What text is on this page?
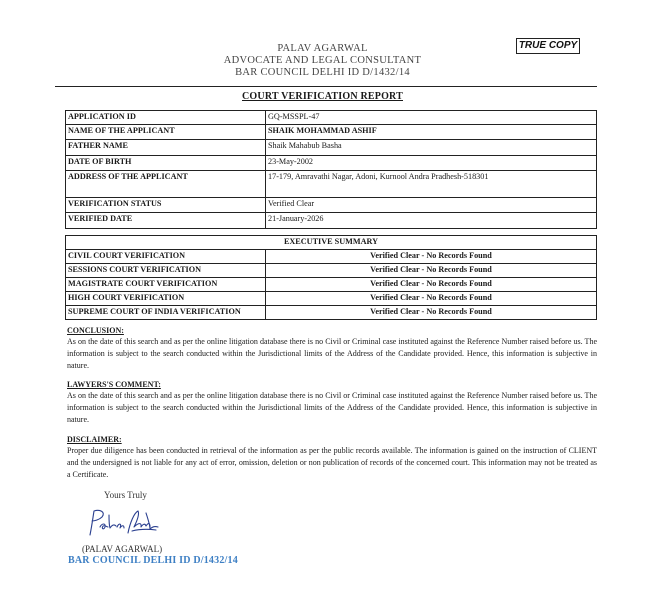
PALAV AGARWAL
ADVOCATE AND LEGAL CONSULTANT
BAR COUNCIL DELHI ID D/1432/14
TRUE COPY
COURT VERIFICATION REPORT
APPLICATION ID	GQ-MSSPL-47
NAME OF THE APPLICANT	SHAIK MOHAMMAD ASHIF
FATHER NAME	Shaik Mahabub Basha
DATE OF BIRTH	23-May-2002
ADDRESS OF THE APPLICANT	17-179, Amravathi Nagar, Adoni, Kurnool Andra Pradhesh-518301
VERIFICATION STATUS	Verified Clear
VERIFIED DATE	21-January-2026
EXECUTIVE SUMMARY	
CIVIL COURT VERIFICATION	Verified Clear - No Records Found
SESSIONS COURT VERIFICATION	Verified Clear - No Records Found
MAGISTRATE COURT VERIFICATION	Verified Clear - No Records Found
HIGH COURT VERIFICATION	Verified Clear - No Records Found
SUPREME COURT OF INDIA VERIFICATION	Verified Clear - No Records Found
CONCLUSION:
As on the date of this search and as per the online litigation database there is no Civil or Criminal case instituted against the Reference Number raised before us. The information is subject to the search conducted within the Jurisdictional limits of the Address of the Candidate provided. Hence, this information is subjective in nature.
LAWYERS'S COMMENT:
As on the date of this search and as per the online litigation database there is no Civil or Criminal case instituted against the Reference Number raised before us. The information is subject to the search conducted within the Jurisdictional limits of the Address of the Candidate provided. Hence, this information is subjective in nature.
DISCLAIMER:
Proper due diligence has been conducted in retrieval of the information as per the public records available. The information is gained on the instruction of CLIENT and the undersigned is not liable for any act of error, omission, deletion or non publication of records of the concerned court. This information may not be treated as a Certificate.
Yours Truly
(PALAV AGARWAL)
BAR COUNCIL DELHI ID D/1432/14
